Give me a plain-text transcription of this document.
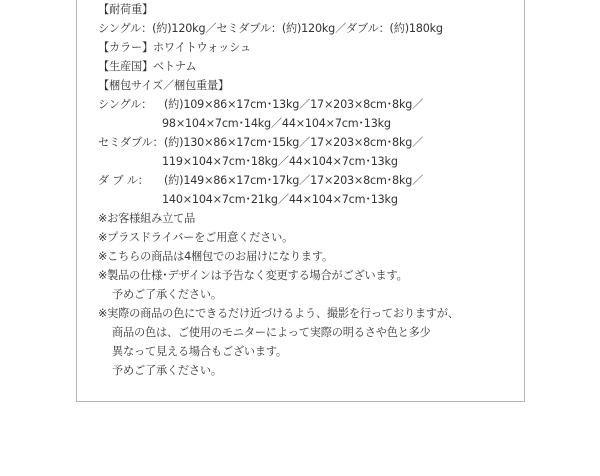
【耐荷重】
シングル：(約)120kg／セミダブル：(約)120kg／ダブル：(約)180kg
【カラー】ホワイトウォッシュ
【生産国】ベトナム
【梱包サイズ／梱包重量】
シングル： (約)109×86×17cm･13kg／17×203×8cm･8kg／
98×104×7cm･14kg／44×104×7cm･13kg
セミダブル：(約)130×86×17cm･15kg／17×203×8cm･8kg／
119×104×7cm･18kg／44×104×7cm･13kg
ダ ブ ル： (約)149×86×17cm･17kg／17×203×8cm･8kg／
140×104×7cm･21kg／44×104×7cm･13kg
※お客様組み立て品
※プラスドライバーをご用意ください。
※こちらの商品は4梱包でのお届けになります。
※製品の仕様･デザインは予告なく変更する場合がございます。
予めご了承ください。
※実際の商品の色にできるだけ近づけるよう、撮影を行っておりますが、
商品の色は、ご使用のモニターによって実際の明るさや色と多少
異なって見える場合もございます。
予めご了承ください。
